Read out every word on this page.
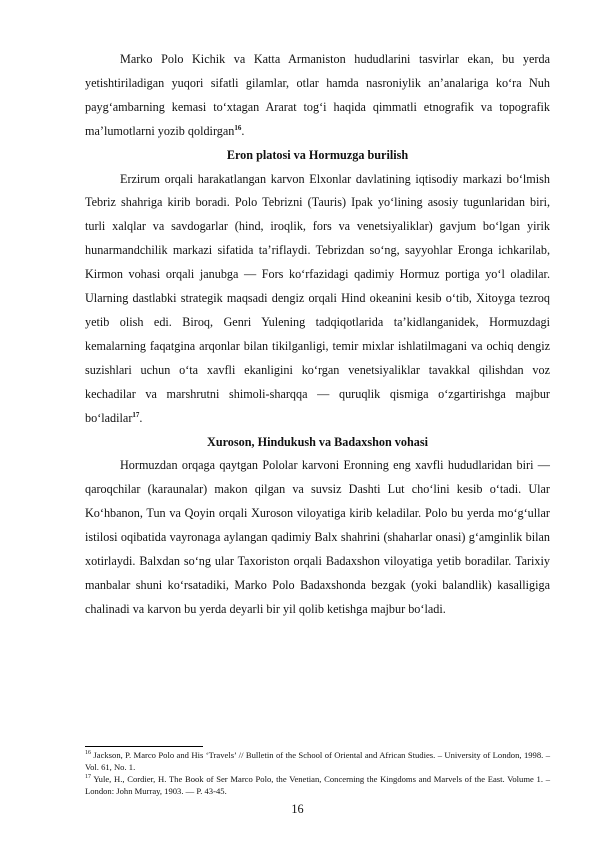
Marko Polo Kichik va Katta Armaniston hududlarini tasvirlar ekan, bu yerda yetishtiriladigan yuqori sifatli gilamlar, otlar hamda nasroniylik an’analariga ko‘ra Nuh payg‘ambarning kemasi to‘xtagan Ararat tog‘i haqida qimmatli etnografik va topografik ma’lumotlarni yozib qoldirgan$^{16}$.

Eron platosi va Hormuzga burilish

Erzirum orqali harakatlangan karvon Elxonlar davlatining iqtisodiy markazi bo‘lmish Tebriz shahriga kirib boradi. Polo Tebrizni (Tauris) Ipak yo‘lining asosiy tugunlaridan biri, turli xalqlar va savdogarlar (hind, iroqlik, fors va venetsiyaliklar) gavjum bo‘lgan yirik hunarmandchilik markazi sifatida ta’riflaydi. Tebrizdan so‘ng, sayyohlar Eronga ichkarilab, Kirmon vohasi orqali janubga — Fors ko‘rfazidagi qadimiy Hormuz portiga yo‘l oladilar. Ularning dastlabki strategik maqsadi dengiz orqali Hind okeanini kesib o‘tib, Xitoyga tezroq yetib olish edi. Biroq, Genri Yulening tadqiqotlarida ta’kidlanganidek, Hormuzdagi kemalarning faqatgina arqonlar bilan tikilganligi, temir mixlar ishlatilmagani va ochiq dengiz suzishlari uchun o‘ta xavfli ekanligini ko‘rgan venetsiyaliklar tavakkal qilishdan voz kechadilar va marshrutni shimoli-sharqqa — quruqlik qismiga o‘zgartirishga majbur bo‘ladilar$^{17}$.

Xuroson, Hindukush va Badaxshon vohasi

Hormuzdan orqaga qaytgan Pololar karvoni Eronning eng xavfli hududlaridan biri — qaroqchilar (karaunalar) makon qilgan va suvsiz Dashti Lut cho‘lini kesib o‘tadi. Ular Ko‘hbanon, Tun va Qoyin orqali Xuroson viloyatiga kirib keladilar. Polo bu yerda mo‘g‘ullar istilosi oqibatida vayronaga aylangan qadimiy Balx shahrini (shaharlar onasi) g‘amginlik bilan xotirlaydi. Balxdan so‘ng ular Taxoriston orqali Badaxshon viloyatiga yetib boradilar. Tarixiy manbalar shuni ko‘rsatadiki, Marko Polo Badaxshonda bezgak (yoki balandlik) kasalligiga chalinadi va karvon bu yerda deyarli bir yil qolib ketishga majbur bo‘ladi.

$^{16}$ Jackson, P. Marco Polo and His ‘Travels’ // Bulletin of the School of Oriental and African Studies. – University of London, 1998. – Vol. 61, No. 1.

$^{17}$ Yule, H., Cordier, H. The Book of Ser Marco Polo, the Venetian, Concerning the Kingdoms and Marvels of the East. Volume 1. – London: John Murray, 1903. — P. 43-45.

16
